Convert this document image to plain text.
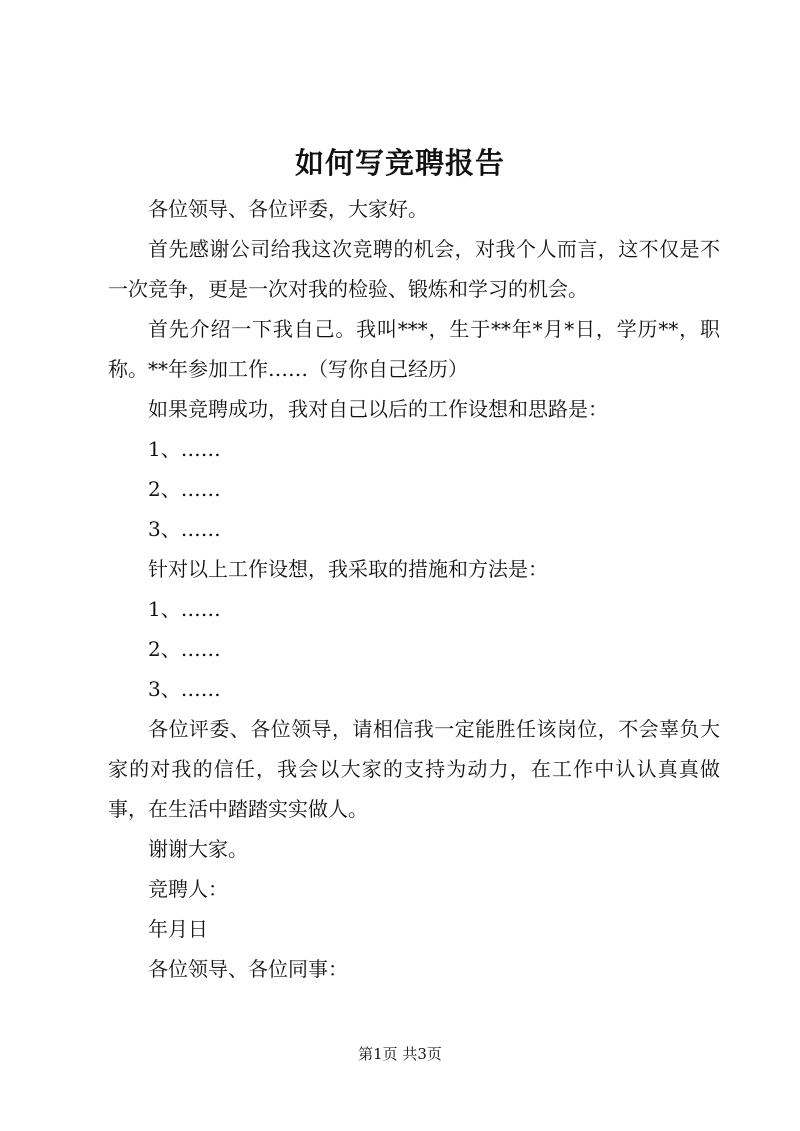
如何写竞聘报告

各位领导、各位评委，大家好。

首先感谢公司给我这次竞聘的机会，对我个人而言，这不仅是不一次竞争，更是一次对我的检验、锻炼和学习的机会。

首先介绍一下我自己。我叫***，生于**年*月*日，学历**，职称。**年参加工作……（写你自己经历）

如果竞聘成功，我对自己以后的工作设想和思路是：

1、……

2、……

3、……

针对以上工作设想，我采取的措施和方法是：

1、……

2、……

3、……

各位评委、各位领导，请相信我一定能胜任该岗位，不会辜负大家的对我的信任，我会以大家的支持为动力，在工作中认认真真做事，在生活中踏踏实实做人。

谢谢大家。

竞聘人：

年月日

各位领导、各位同事：

第1页 共3页
